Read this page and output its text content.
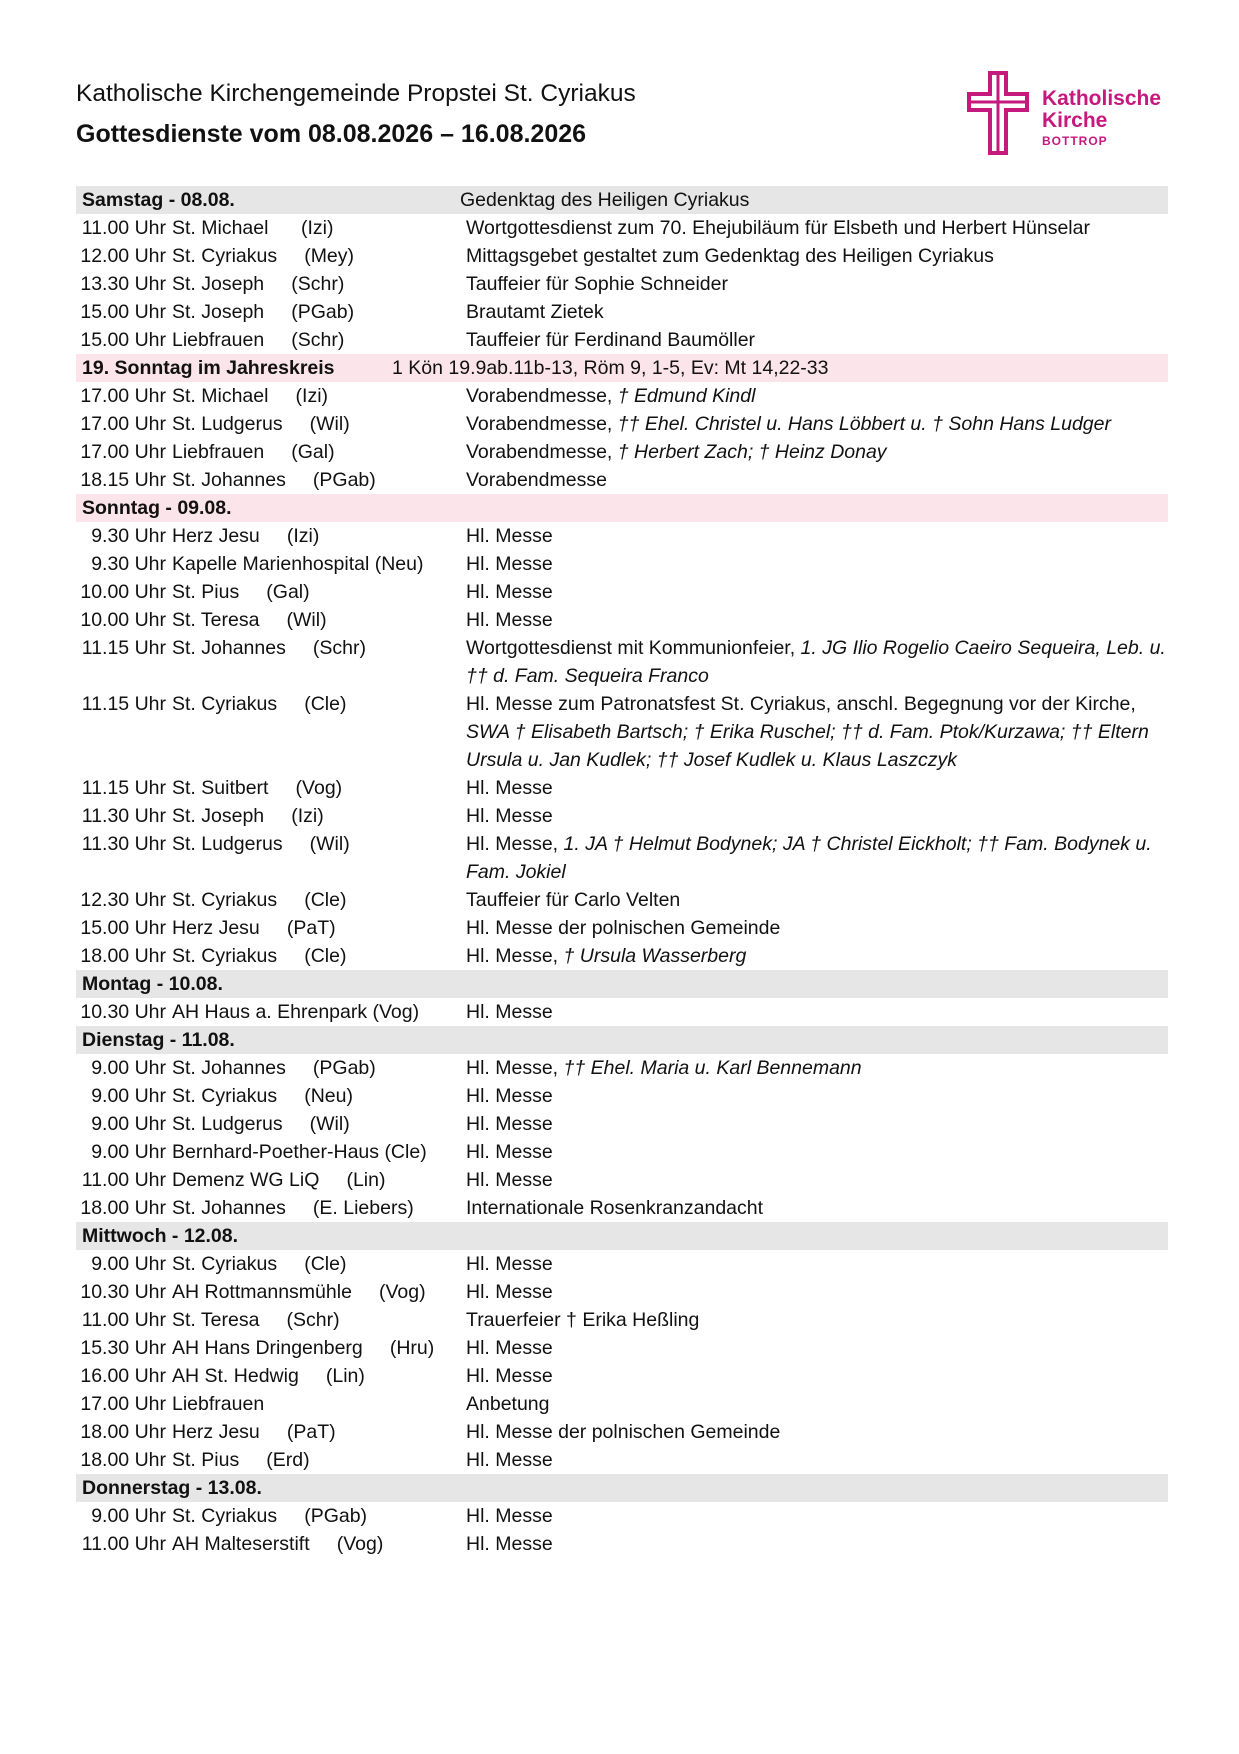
Katholische Kirchengemeinde Propstei St. Cyriakus
Gottesdienste vom 08.08.2026 – 16.08.2026
Katholische
Kirche
BOTTROP
Samstag - 08.08.	Gedenktag des Heiligen Cyriakus
11.00 Uhr St. Michael      (Izi)	Wortgottesdienst zum 70. Ehejubiläum für Elsbeth und Herbert Hünselar
12.00 Uhr St. Cyriakus     (Mey)	Mittagsgebet gestaltet zum Gedenktag des Heiligen Cyriakus
13.30 Uhr St. Joseph     (Schr)	Tauffeier für Sophie Schneider
15.00 Uhr St. Joseph     (PGab)	Brautamt Zietek
15.00 Uhr Liebfrauen     (Schr)	Tauffeier für Ferdinand Baumöller
19. Sonntag im Jahreskreis	1 Kön 19.9ab.11b-13, Röm 9, 1-5, Ev: Mt 14,22-33
17.00 Uhr St. Michael     (Izi)	Vorabendmesse, † Edmund Kindl
17.00 Uhr St. Ludgerus     (Wil)	Vorabendmesse, †† Ehel. Christel u. Hans Löbbert u. † Sohn Hans Ludger
17.00 Uhr Liebfrauen     (Gal)	Vorabendmesse, † Herbert Zach; † Heinz Donay
18.15 Uhr St. Johannes     (PGab)	Vorabendmesse
Sonntag - 09.08.
9.30 Uhr Herz Jesu     (Izi)	Hl. Messe
9.30 Uhr Kapelle Marienhospital (Neu) Hl. Messe
10.00 Uhr St. Pius     (Gal)	Hl. Messe
10.00 Uhr St. Teresa     (Wil)	Hl. Messe
11.15 Uhr St. Johannes     (Schr)	Wortgottesdienst mit Kommunionfeier, 1. JG Ilio Rogelio Caeiro Sequeira, Leb. u. †† d. Fam. Sequeira Franco
11.15 Uhr St. Cyriakus     (Cle)	Hl. Messe zum Patronatsfest St. Cyriakus, anschl. Begegnung vor der Kirche, SWA † Elisabeth Bartsch; † Erika Ruschel; †† d. Fam. Ptok/Kurzawa; †† Eltern Ursula u. Jan Kudlek; †† Josef Kudlek u. Klaus Laszczyk
11.15 Uhr St. Suitbert     (Vog)	Hl. Messe
11.30 Uhr St. Joseph     (Izi)	Hl. Messe
11.30 Uhr St. Ludgerus     (Wil)	Hl. Messe, 1. JA † Helmut Bodynek; JA † Christel Eickholt; †† Fam. Bodynek u. Fam. Jokiel
12.30 Uhr St. Cyriakus     (Cle)	Tauffeier für Carlo Velten
15.00 Uhr Herz Jesu     (PaT)	Hl. Messe der polnischen Gemeinde
18.00 Uhr St. Cyriakus     (Cle)	Hl. Messe, † Ursula Wasserberg
Montag - 10.08.
10.30 Uhr AH Haus a. Ehrenpark (Vog) Hl. Messe
Dienstag - 11.08.
9.00 Uhr St. Johannes     (PGab)	Hl. Messe, †† Ehel. Maria u. Karl Bennemann
9.00 Uhr St. Cyriakus     (Neu)	Hl. Messe
9.00 Uhr St. Ludgerus     (Wil)	Hl. Messe
9.00 Uhr Bernhard-Poether-Haus (Cle) Hl. Messe
11.00 Uhr Demenz WG LiQ     (Lin)	Hl. Messe
18.00 Uhr St. Johannes     (E. Liebers)	Internationale Rosenkranzandacht
Mittwoch - 12.08.
9.00 Uhr St. Cyriakus     (Cle)	Hl. Messe
10.30 Uhr AH Rottmannsmühle     (Vog) Hl. Messe
11.00 Uhr St. Teresa     (Schr)	Trauerfeier † Erika Heßling
15.30 Uhr AH Hans Dringenberg     (Hru) Hl. Messe
16.00 Uhr AH St. Hedwig     (Lin)	Hl. Messe
17.00 Uhr Liebfrauen	Anbetung
18.00 Uhr Herz Jesu     (PaT)	Hl. Messe der polnischen Gemeinde
18.00 Uhr St. Pius     (Erd)	Hl. Messe
Donnerstag - 13.08.
9.00 Uhr St. Cyriakus     (PGab)	Hl. Messe
11.00 Uhr AH Malteserstift     (Vog)	Hl. Messe
